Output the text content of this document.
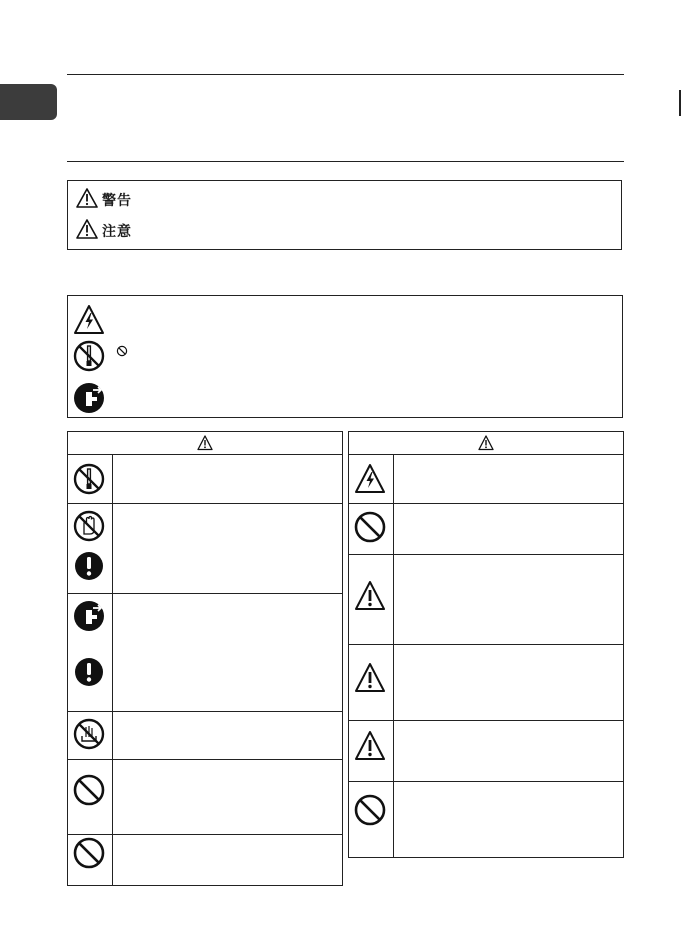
警告
注意
